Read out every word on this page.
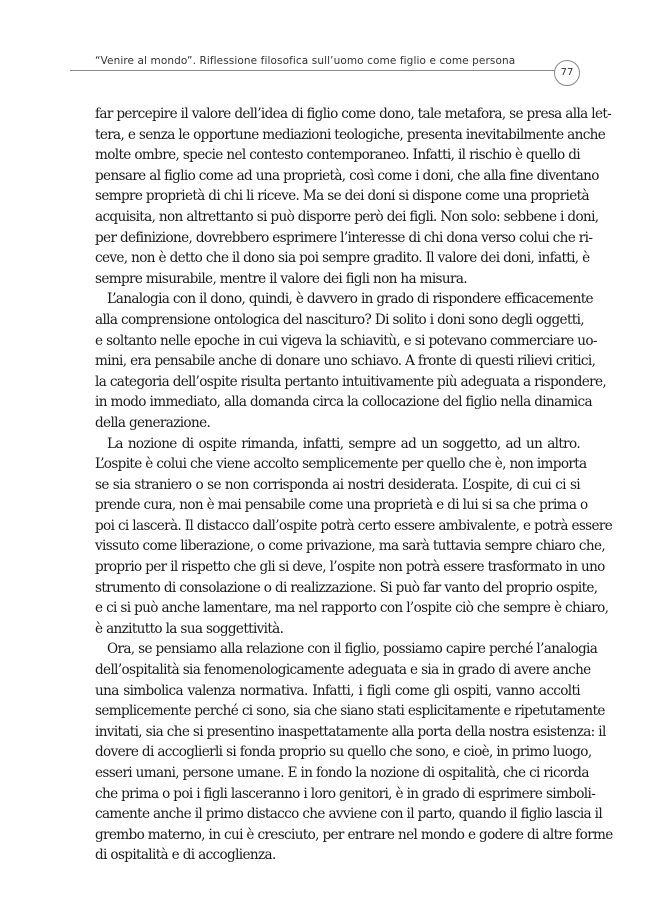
“Venire al mondo”. Riflessione filosofica sull’uomo come figlio e come persona
77
far percepire il valore dell’idea di figlio come dono, tale metafora, se presa alla let-
tera, e senza le opportune mediazioni teologiche, presenta inevitabilmente anche
molte ombre, specie nel contesto contemporaneo. Infatti, il rischio è quello di
pensare al figlio come ad una proprietà, così come i doni, che alla fine diventano
sempre proprietà di chi li riceve. Ma se dei doni si dispone come una proprietà
acquisita, non altrettanto si può disporre però dei figli. Non solo: sebbene i doni,
per definizione, dovrebbero esprimere l’interesse di chi dona verso colui che ri-
ceve, non è detto che il dono sia poi sempre gradito. Il valore dei doni, infatti, è
sempre misurabile, mentre il valore dei figli non ha misura.
L’analogia con il dono, quindi, è davvero in grado di rispondere efficacemente
alla comprensione ontologica del nascituro? Di solito i doni sono degli oggetti,
e soltanto nelle epoche in cui vigeva la schiavitù, e si potevano commerciare uo-
mini, era pensabile anche di donare uno schiavo. A fronte di questi rilievi critici,
la categoria dell’ospite risulta pertanto intuitivamente più adeguata a rispondere,
in modo immediato, alla domanda circa la collocazione del figlio nella dinamica
della generazione.
La nozione di ospite rimanda, infatti, sempre ad un soggetto, ad un altro.
L’ospite è colui che viene accolto semplicemente per quello che è, non importa
se sia straniero o se non corrisponda ai nostri desiderata. L’ospite, di cui ci si
prende cura, non è mai pensabile come una proprietà e di lui si sa che prima o
poi ci lascerà. Il distacco dall’ospite potrà certo essere ambivalente, e potrà essere
vissuto come liberazione, o come privazione, ma sarà tuttavia sempre chiaro che,
proprio per il rispetto che gli si deve, l’ospite non potrà essere trasformato in uno
strumento di consolazione o di realizzazione. Si può far vanto del proprio ospite,
e ci si può anche lamentare, ma nel rapporto con l’ospite ciò che sempre è chiaro,
è anzitutto la sua soggettività.
Ora, se pensiamo alla relazione con il figlio, possiamo capire perché l’analogia
dell’ospitalità sia fenomenologicamente adeguata e sia in grado di avere anche
una simbolica valenza normativa. Infatti, i figli come gli ospiti, vanno accolti
semplicemente perché ci sono, sia che siano stati esplicitamente e ripetutamente
invitati, sia che si presentino inaspettatamente alla porta della nostra esistenza: il
dovere di accoglierli si fonda proprio su quello che sono, e cioè, in primo luogo,
esseri umani, persone umane. E in fondo la nozione di ospitalità, che ci ricorda
che prima o poi i figli lasceranno i loro genitori, è in grado di esprimere simboli-
camente anche il primo distacco che avviene con il parto, quando il figlio lascia il
grembo materno, in cui è cresciuto, per entrare nel mondo e godere di altre forme
di ospitalità e di accoglienza.
